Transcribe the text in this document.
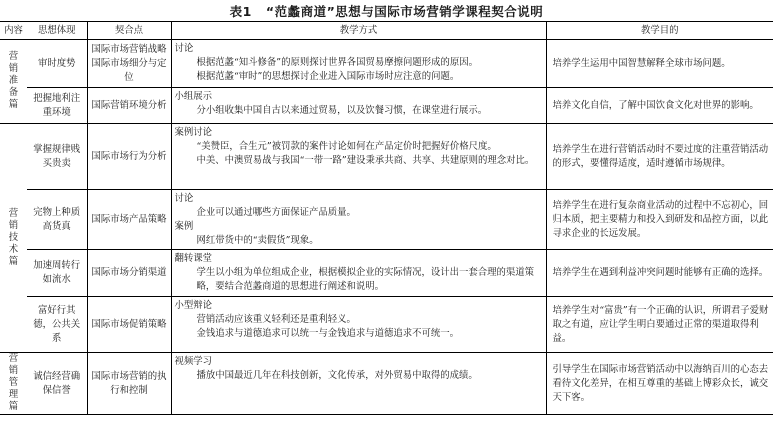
表1 “范蠡商道”思想与国际市场营销学课程契合说明
内容	思想体现	契合点	教学方式	教学目的
营销准备篇	审时度势	国际市场营销战略国际市场细分与定位	讨论
根据范蠡“知斗修备”的原则探讨世界各国贸易摩擦问题形成的原因。
根据范蠡“审时”的思想探讨企业进入国际市场时应注意的问题。	培养学生运用中国智慧解释全球市场问题。
	把握地利注重环境	国际营销环境分析	小组展示
分小组收集中国自古以来通过贸易，以及饮餐习惯，在课堂进行展示。	培养文化自信，了解中国饮食文化对世界的影响。
营销技术篇	掌握规律贱买贵卖	国际市场行为分析	案例讨论
“美赞臣，合生元”被罚款的案件讨论如何在产品定价时把握好价格尺度。
中美、中澳贸易战与我国“一带一路”建设秉承共商、共享、共建原则的理念对比。	培养学生在进行营销活动时不要过度的注重营销活动的形式，要懂得适度，适时遵循市场规律。
	完物上种质高货真	国际市场产品策略	讨论
企业可以通过哪些方面保证产品质量。
案例
网红带货中的“卖假货”现象。	培养学生在进行复杂商业活动的过程中不忘初心，回归本质，把主要精力和投入到研发和品控方面，以此寻求企业的长远发展。
	加速周转行如流水	国际市场分销渠道	翻转课堂
学生以小组为单位组成企业，根据模拟企业的实际情况，设计出一套合理的渠道策略，要结合范蠡商道的思想进行阐述和说明。	培养学生在遇到利益冲突问题时能够有正确的选择。
	富好行其德，公共关系	国际市场促销策略	小型辩论
营销活动应该重义轻利还是重利轻义。
金钱追求与道德追求可以统一与金钱追求与道德追求不可统一。	培养学生对“富贵”有一个正确的认识，所谓君子爱财取之有道，应让学生明白要通过正常的渠道取得利益。
营销管理篇	诚信经营确保信誉	国际市场营销的执行和控制	视频学习
播放中国最近几年在科技创新，文化传承，对外贸易中取得的成绩。	引导学生在国际市场营销活动中以海纳百川的心态去看待文化差异，在相互尊重的基础上博彩众长，诚交天下客。
